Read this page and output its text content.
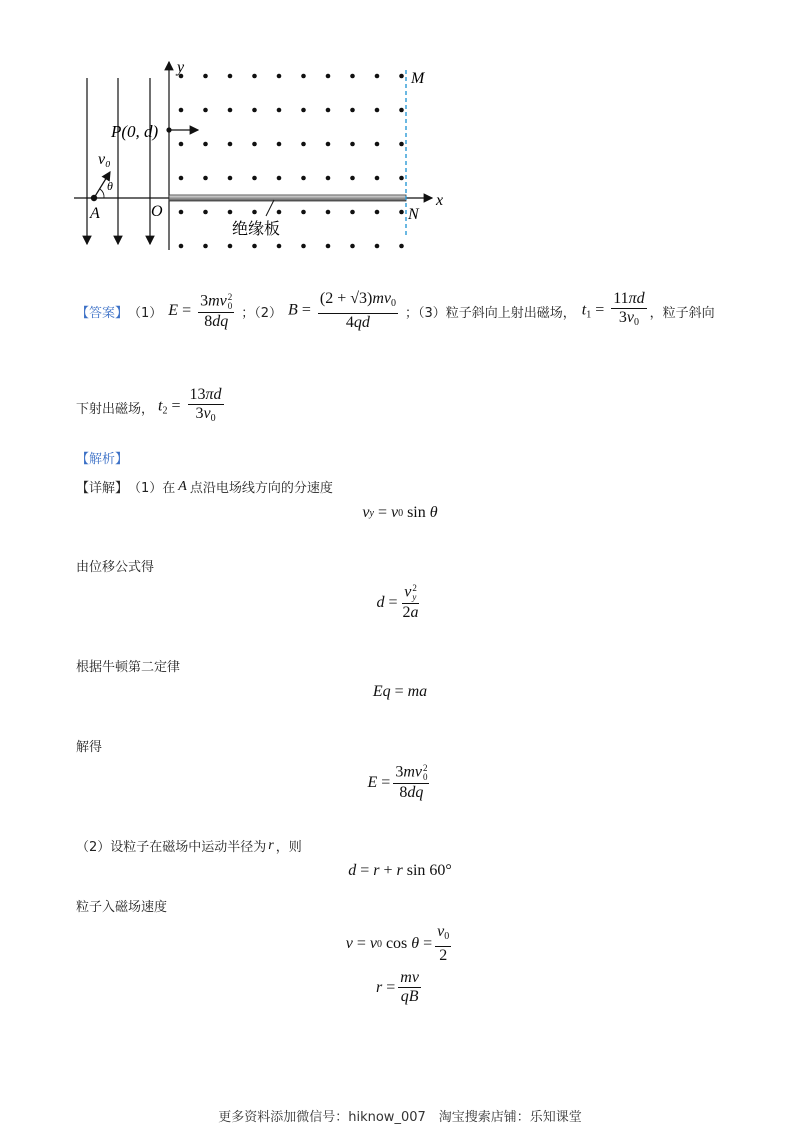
y
M
x
N
O
A
P(0, d)
v₀
θ
绝缘板
【答案】 （1） E = 3mv 2
0
8dq ；（2） $B = \frac{(2 + √3)mv_0}{4qd}$ ；（3）粒子斜向上射出磁场， $t_1 = \frac{11\pi d}{3v_0}$ ，粒子斜向
下射出磁场， $t_2 = \frac{13\pi d}{3v_0}$
【解析】
【详解】 （1）在 A 点沿电场线方向的分速度
v y = v 0 sin θ
由位移公式得
d = v 2
y
2a
根据牛顿第二定律
Eq = ma
解得
E = 3mv 2
0
8dq
（2）设粒子在磁场中运动半径为 r ，则
d = r + r sin 60°
粒子入磁场速度
v = v 0 $\cos \theta = \frac{v_0}{2}$
$r = \frac{mv}{qB}$
更多资料添加微信号：hiknow_007　淘宝搜索店铺：乐知课堂
